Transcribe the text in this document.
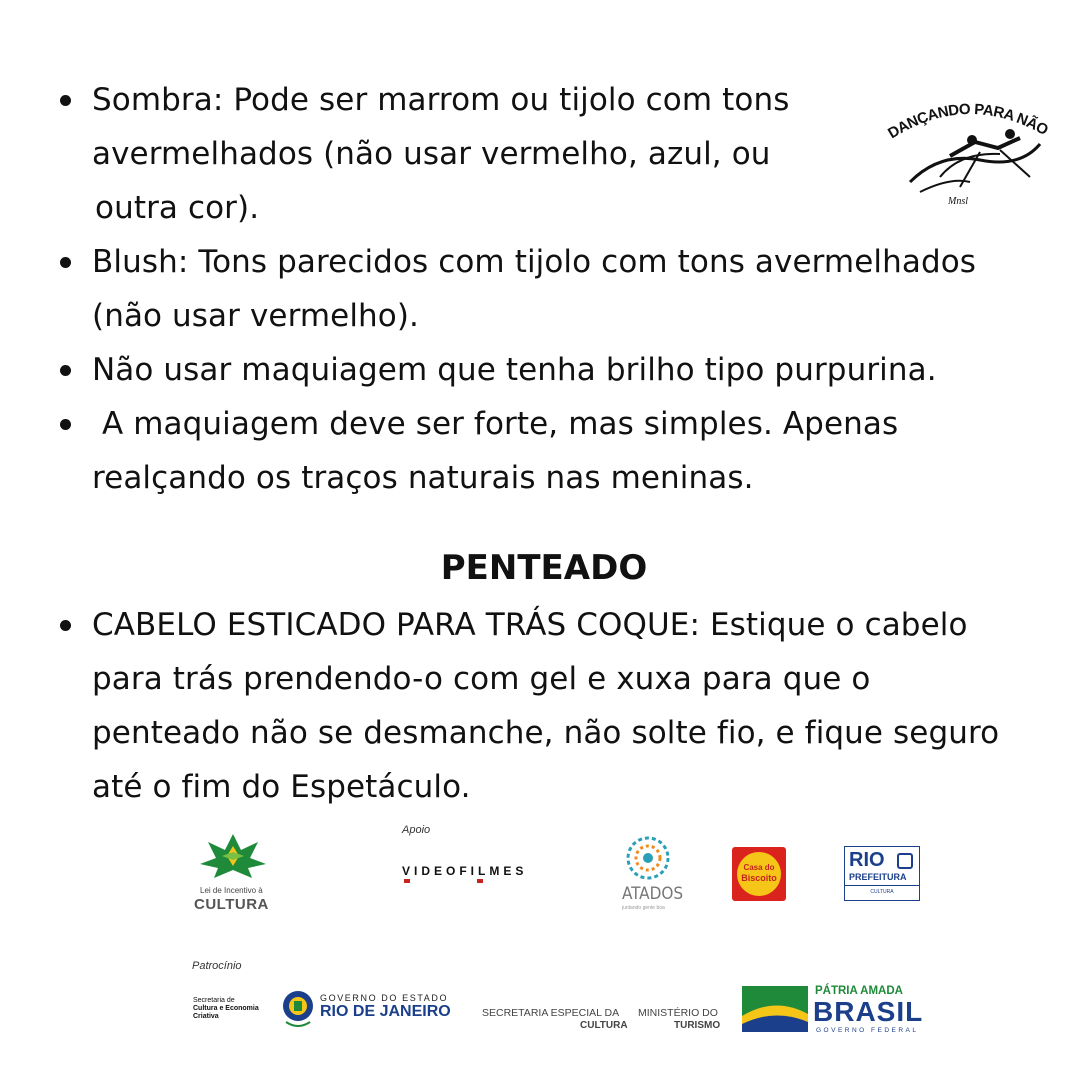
DANÇANDO PARA NÃO
Mnsl
Sombra: Pode ser marrom ou tijolo com tons
avermelhados (não usar vermelho, azul, ou
outra cor).
Blush: Tons parecidos com tijolo com tons avermelhados
(não usar vermelho).
Não usar maquiagem que tenha brilho tipo purpurina.
A maquiagem deve ser forte, mas simples. Apenas
realçando os traços naturais nas meninas.
PENTEADO
CABELO ESTICADO PARA TRÁS COQUE: Estique o cabelo
para trás prendendo-o com gel e xuxa para que o
penteado não se desmanche, não solte fio, e fique seguro
até o fim do Espetáculo.
Apoio
Lei de Incentivo à
CULTURA
VIDEOFILMES
ATADOS
juntando gente boa
Casa do
Biscoito
RIO
PREFEITURA
CULTURA
Patrocínio
Secretaria de
Cultura e Economia
Criativa
GOVERNO DO ESTADO
RIO DE JANEIRO	SECRETARIA ESPECIAL DA
CULTURA
MINISTÉRIO DO
TURISMO
PÁTRIA AMADA
BRASIL
GOVERNO FEDERAL
